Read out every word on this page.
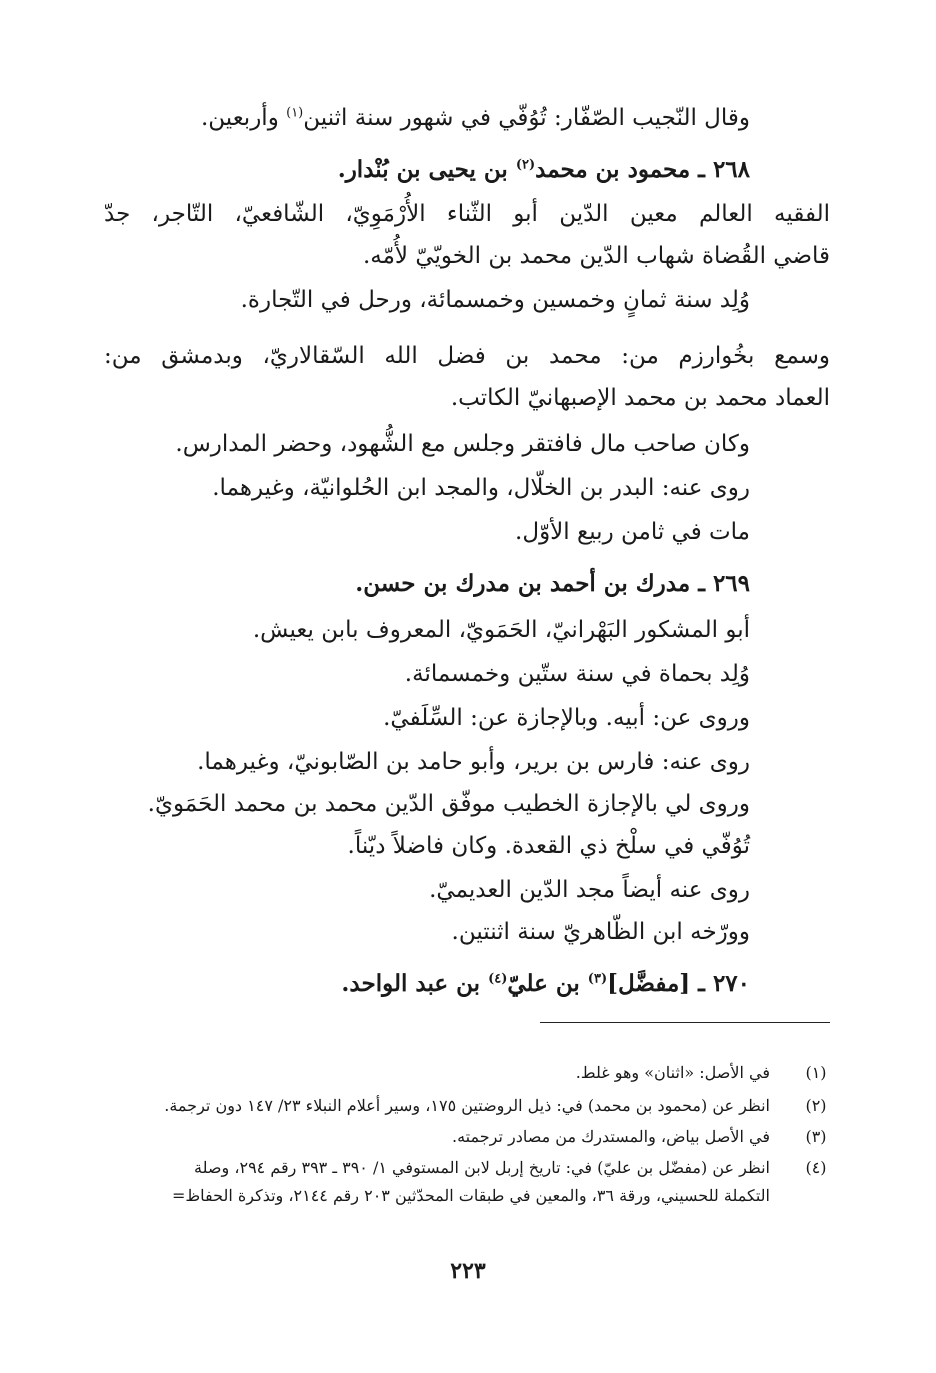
وقال النّجيب الصّفّار: تُوُفّي في شهور سنة اثنين$^{(١)}$ وأربعين.
٢٦٨ ـ محمود بن محمد$^{(٢)}$ بن يحيى بن بُنْدار.
الفقيه العالم معين الدّين أبو الثّناء الأُرْمَوِيّ، الشّافعيّ، التّاجر، جدّ
قاضي القُضاة شهاب الدّين محمد بن الخويّيّ لأُمّه.
وُلِد سنة ثمانٍ وخمسين وخمسمائة، ورحل في التّجارة.
وسمع بخُوارزم من: محمد بن فضل الله السّقالاريّ، وبدمشق من:
العماد محمد بن محمد الإصبهانيّ الكاتب.
وكان صاحب مال فافتقر وجلس مع الشُّهود، وحضر المدارس.
روى عنه: البدر بن الخلّال، والمجد ابن الحُلوانيّة، وغيرهما.
مات في ثامن ربيع الأوّل.
٢٦٩ ـ مدرك بن أحمد بن مدرك بن حسن.
أبو المشكور البَهْرانيّ، الحَمَويّ، المعروف بابن يعيش.
وُلِد بحماة في سنة ستّين وخمسمائة.
وروى عن: أبيه. وبالإجازة عن: السِّلَفيّ.
روى عنه: فارس بن برير، وأبو حامد بن الصّابونيّ، وغيرهما.
وروى لي بالإجازة الخطيب موفّق الدّين محمد بن محمد الحَمَويّ.
تُوُفّي في سلْخ ذي القعدة. وكان فاضلاً ديّناً.
روى عنه أيضاً مجد الدّين العديميّ.
وورّخه ابن الظّاهريّ سنة اثنتين.
٢٧٠ ـ [مفضَّل]$^{(٣)}$ بن عليّ$^{(٤)}$ بن عبد الواحد.
(١)
في الأصل: «اثنان» وهو غلط.
(٢)
انظر عن (محمود بن محمد) في: ذيل الروضتين ١٧٥، وسير أعلام النبلاء ٢٣/ ١٤٧ دون ترجمة.
(٣)
في الأصل بياض، والمستدرك من مصادر ترجمته.
(٤)
انظر عن (مفضّل بن عليّ) في: تاريخ إربل لابن المستوفي ١/ ٣٩٠ ـ ٣٩٣ رقم ٢٩٤، وصلة
التكملة للحسيني، ورقة ٣٦، والمعين في طبقات المحدّثين ٢٠٣ رقم ٢١٤٤، وتذكرة الحفاظ=
٢٢٣
